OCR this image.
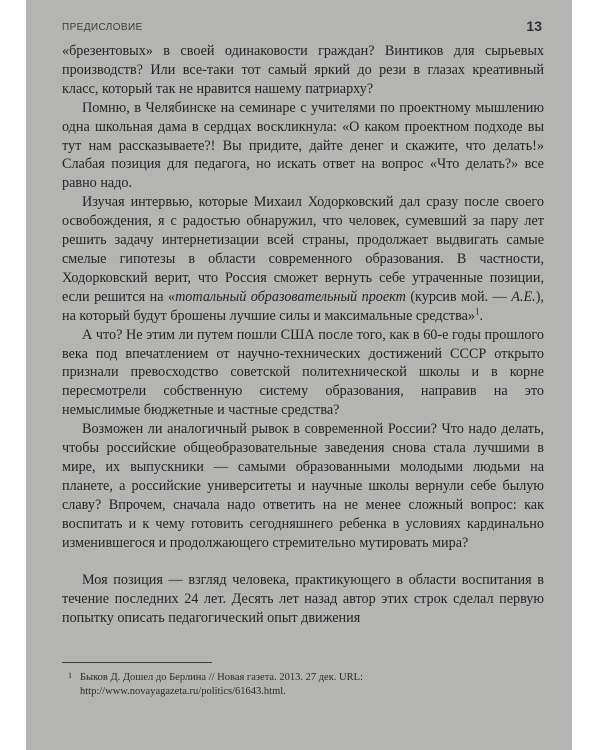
ПРЕДИСЛОВИЕ	13

«брезентовых» в своей одинаковости граждан? Винтиков для сырьевых производств? Или все-таки тот самый яркий до рези в глазах креативный класс, который так не нравится нашему патриарху?

Помню, в Челябинске на семинаре с учителями по проектному мышлению одна школьная дама в сердцах воскликнула: «О каком проектном подходе вы тут нам рассказываете?! Вы придите, дайте денег и скажите, что делать!» Слабая позиция для педагога, но искать ответ на вопрос «Что делать?» все равно надо.

Изучая интервью, которые Михаил Ходорковский дал сразу после своего освобождения, я с радостью обнаружил, что человек, сумевший за пару лет решить задачу интернетизации всей страны, продолжает выдвигать самые смелые гипотезы в области современного образования. В частности, Ходорковский верит, что Россия сможет вернуть себе утраченные позиции, если решится на «тотальный образовательный проект (курсив мой. — А.Е.), на который будут брошены лучшие силы и максимальные средства»$^1$.

А что? Не этим ли путем пошли США после того, как в 60-е годы прошлого века под впечатлением от научно-технических достижений СССР открыто признали превосходство советской политехнической школы и в корне пересмотрели собственную систему образования, направив на это немыслимые бюджетные и частные средства?

Возможен ли аналогичный рывок в современной России? Что надо делать, чтобы российские общеобразовательные заведения снова стала лучшими в мире, их выпускники — самыми образованными молодыми людьми на планете, а российские университеты и научные школы вернули себе былую славу? Впрочем, сначала надо ответить на не менее сложный вопрос: как воспитать и к чему готовить сегодняшнего ребенка в условиях кардинально изменившегося и продолжающего стремительно мутировать мира?

Моя позиция — взгляд человека, практикующего в области воспитания в течение последних 24 лет. Десять лет назад автор этих строк сделал первую попытку описать педагогический опыт движения

1 Быков Д. Дошел до Берлина // Новая газета. 2013. 27 дек. URL: http://www.novayagazeta.ru/politics/61643.html.
